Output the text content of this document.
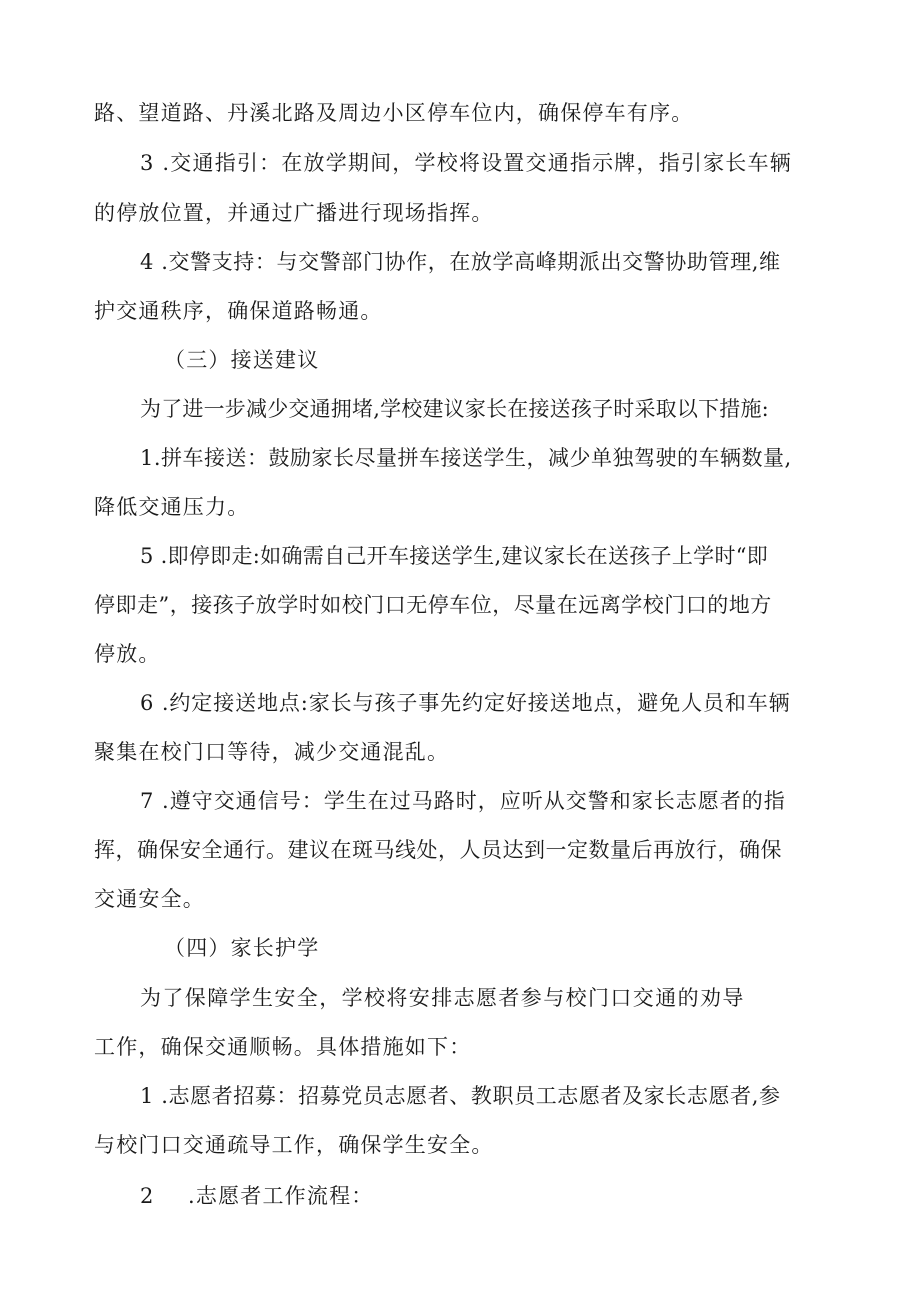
路、望道路、丹溪北路及周边小区停车位内，确保停车有序。
3 .交通指引：在放学期间，学校将设置交通指示牌，指引家长车辆
的停放位置，并通过广播进行现场指挥。
4 .交警支持：与交警部门协作，在放学高峰期派出交警协助管理,维
护交通秩序，确保道路畅通。
（三）接送建议
为了进一步减少交通拥堵,学校建议家长在接送孩子时采取以下措施:
1.拼车接送：鼓励家长尽量拼车接送学生，减少单独驾驶的车辆数量,
降低交通压力。
5 .即停即走:如确需自己开车接送学生,建议家长在送孩子上学时“即
停即走”，接孩子放学时如校门口无停车位，尽量在远离学校门口的地方
停放。
6 .约定接送地点:家长与孩子事先约定好接送地点，避免人员和车辆
聚集在校门口等待，减少交通混乱。
7 .遵守交通信号：学生在过马路时，应听从交警和家长志愿者的指
挥，确保安全通行。建议在斑马线处，人员达到一定数量后再放行，确保
交通安全。
（四）家长护学
为了保障学生安全，学校将安排志愿者参与校门口交通的劝导
工作，确保交通顺畅。具体措施如下：
1 .志愿者招募：招募党员志愿者、教职员工志愿者及家长志愿者,参
与校门口交通疏导工作，确保学生安全。
2 .志愿者工作流程：
